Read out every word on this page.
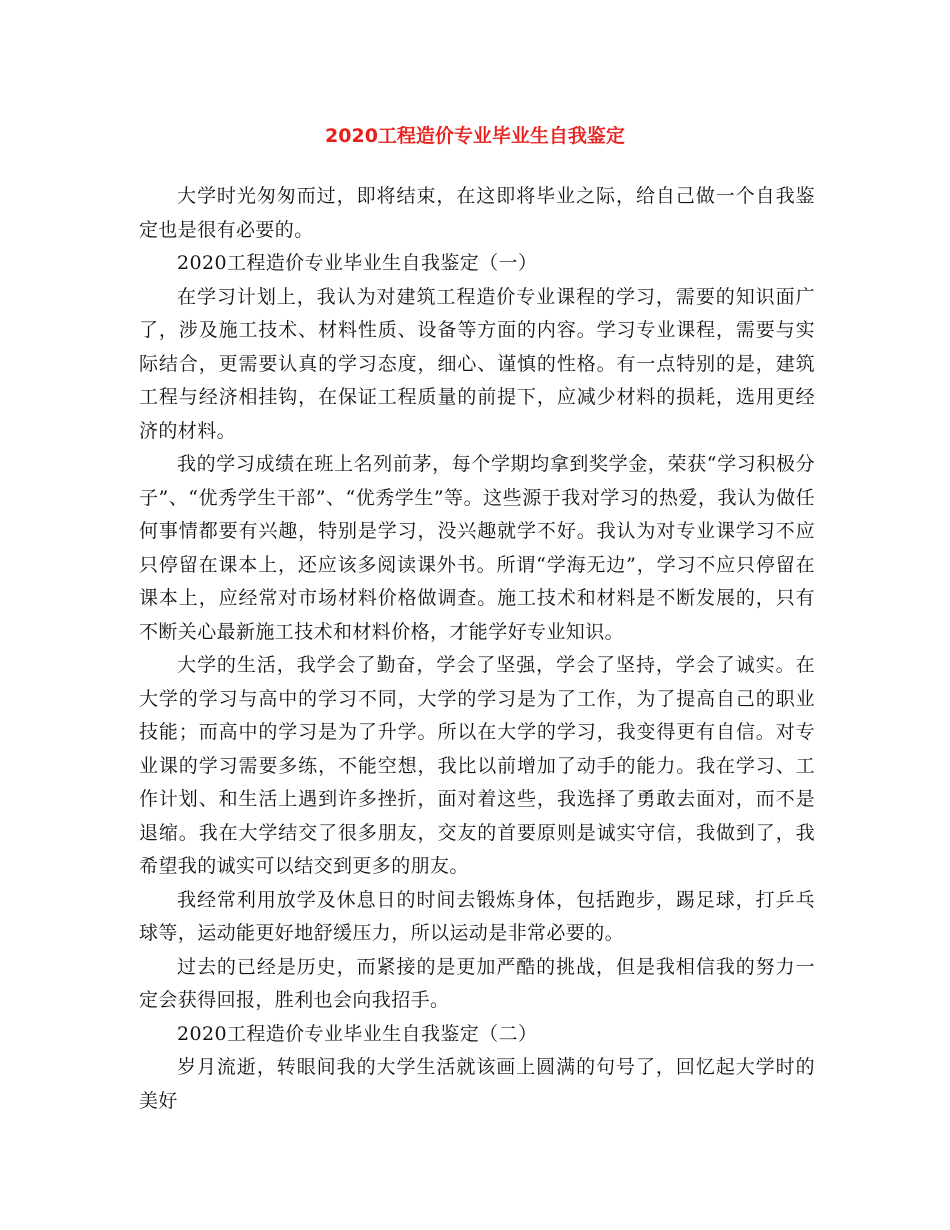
2020工程造价专业毕业生自我鉴定

大学时光匆匆而过，即将结束，在这即将毕业之际，给自己做一个自我鉴定也是很有必要的。

2020工程造价专业毕业生自我鉴定（一）

在学习计划上，我认为对建筑工程造价专业课程的学习，需要的知识面广了，涉及施工技术、材料性质、设备等方面的内容。学习专业课程，需要与实际结合，更需要认真的学习态度，细心、谨慎的性格。有一点特别的是，建筑工程与经济相挂钩，在保证工程质量的前提下，应减少材料的损耗，选用更经济的材料。

我的学习成绩在班上名列前茅，每个学期均拿到奖学金，荣获“学习积极分子”、“优秀学生干部”、“优秀学生”等。这些源于我对学习的热爱，我认为做任何事情都要有兴趣，特别是学习，没兴趣就学不好。我认为对专业课学习不应只停留在课本上，还应该多阅读课外书。所谓“学海无边”，学习不应只停留在课本上，应经常对市场材料价格做调查。施工技术和材料是不断发展的，只有不断关心最新施工技术和材料价格，才能学好专业知识。

大学的生活，我学会了勤奋，学会了坚强，学会了坚持，学会了诚实。在大学的学习与高中的学习不同，大学的学习是为了工作，为了提高自己的职业技能；而高中的学习是为了升学。所以在大学的学习，我变得更有自信。对专业课的学习需要多练，不能空想，我比以前增加了动手的能力。我在学习、工作计划、和生活上遇到许多挫折，面对着这些，我选择了勇敢去面对，而不是退缩。我在大学结交了很多朋友，交友的首要原则是诚实守信，我做到了，我希望我的诚实可以结交到更多的朋友。

我经常利用放学及休息日的时间去锻炼身体，包括跑步，踢足球，打乒乓球等，运动能更好地舒缓压力，所以运动是非常必要的。

过去的已经是历史，而紧接的是更加严酷的挑战，但是我相信我的努力一定会获得回报，胜利也会向我招手。

2020工程造价专业毕业生自我鉴定（二）

岁月流逝，转眼间我的大学生活就该画上圆满的句号了，回忆起大学时的美好
